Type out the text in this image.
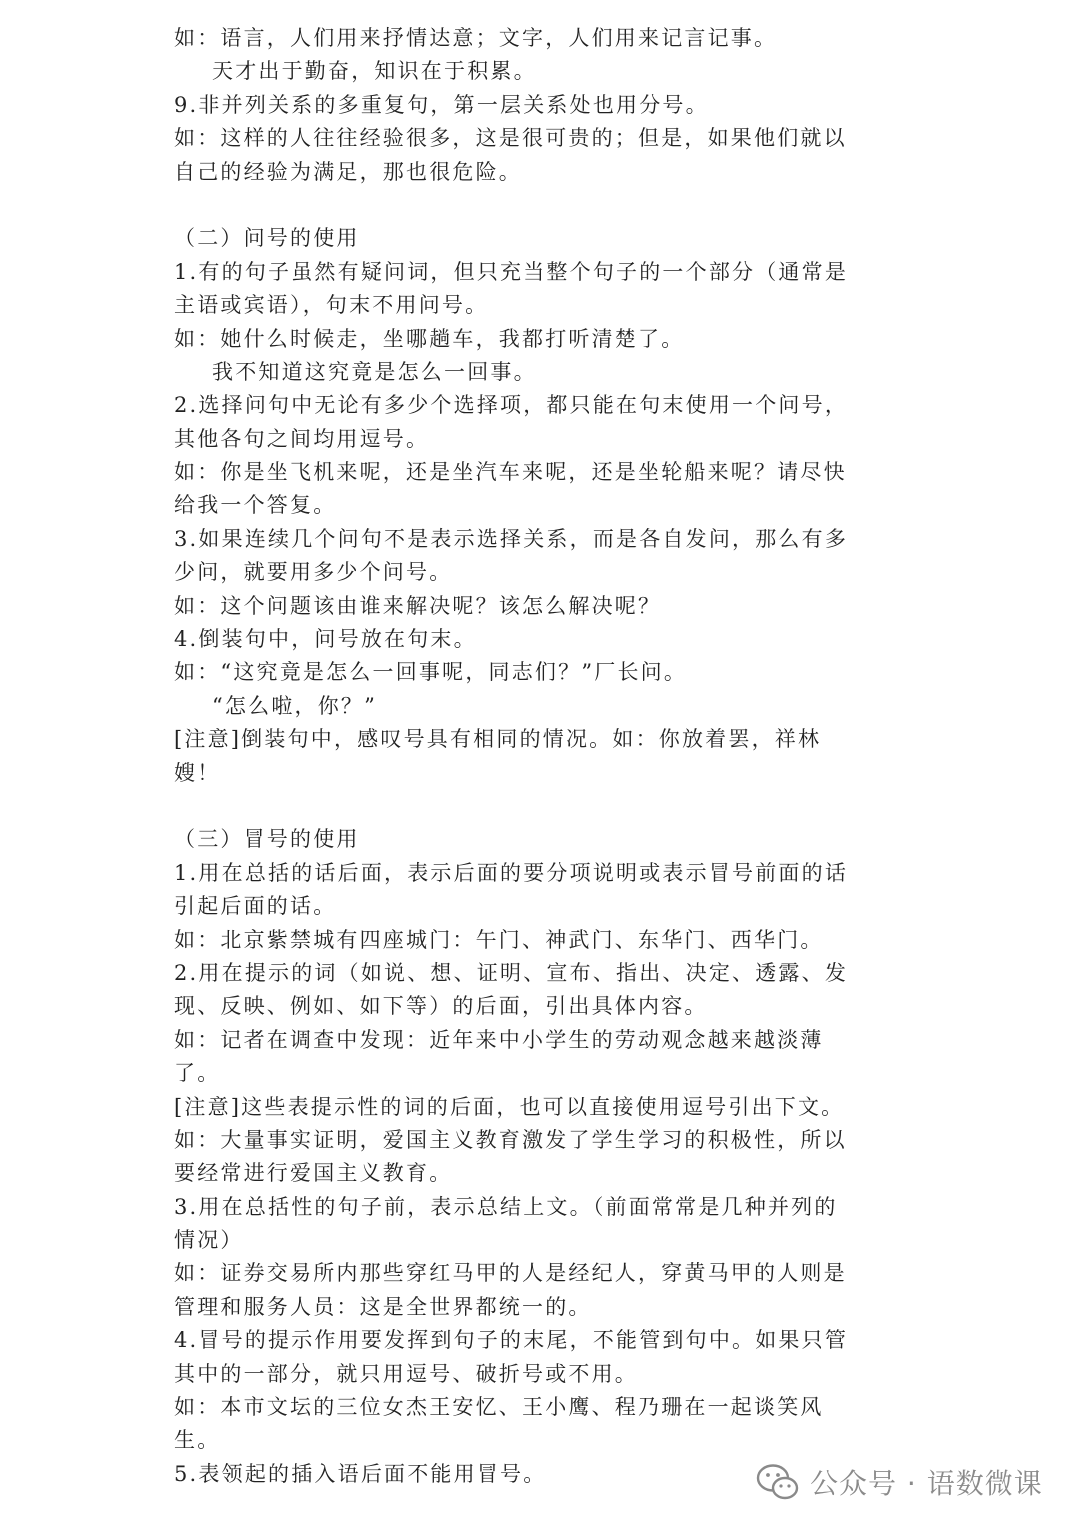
如：语言，人们用来抒情达意；文字，人们用来记言记事。
天才出于勤奋，知识在于积累。
9.非并列关系的多重复句，第一层关系处也用分号。
如：这样的人往往经验很多，这是很可贵的；但是，如果他们就以
自己的经验为满足，那也很危险。
（二）问号的使用
1.有的句子虽然有疑问词，但只充当整个句子的一个部分（通常是
主语或宾语），句末不用问号。
如：她什么时候走，坐哪趟车，我都打听清楚了。
我不知道这究竟是怎么一回事。
2.选择问句中无论有多少个选择项，都只能在句末使用一个问号，
其他各句之间均用逗号。
如：你是坐飞机来呢，还是坐汽车来呢，还是坐轮船来呢？请尽快
给我一个答复。
3.如果连续几个问句不是表示选择关系，而是各自发问，那么有多
少问，就要用多少个问号。
如：这个问题该由谁来解决呢？该怎么解决呢？
4.倒装句中，问号放在句末。
如：“这究竟是怎么一回事呢，同志们？”厂长问。
“怎么啦，你？”
[注意]倒装句中，感叹号具有相同的情况。如：你放着罢，祥林
嫂！
（三）冒号的使用
1.用在总括的话后面，表示后面的要分项说明或表示冒号前面的话
引起后面的话。
如：北京紫禁城有四座城门：午门、神武门、东华门、西华门。
2.用在提示的词（如说、想、证明、宣布、指出、决定、透露、发
现、反映、例如、如下等）的后面，引出具体内容。
如：记者在调查中发现：近年来中小学生的劳动观念越来越淡薄
了。
[注意]这些表提示性的词的后面，也可以直接使用逗号引出下文。
如：大量事实证明，爱国主义教育激发了学生学习的积极性，所以
要经常进行爱国主义教育。
3.用在总括性的句子前，表示总结上文。（前面常常是几种并列的
情况）
如：证券交易所内那些穿红马甲的人是经纪人，穿黄马甲的人则是
管理和服务人员：这是全世界都统一的。
4.冒号的提示作用要发挥到句子的末尾，不能管到句中。如果只管
其中的一部分，就只用逗号、破折号或不用。
如：本市文坛的三位女杰王安忆、王小鹰、程乃珊在一起谈笑风
生。
5.表领起的插入语后面不能用冒号。	公众号 · 语数微课
